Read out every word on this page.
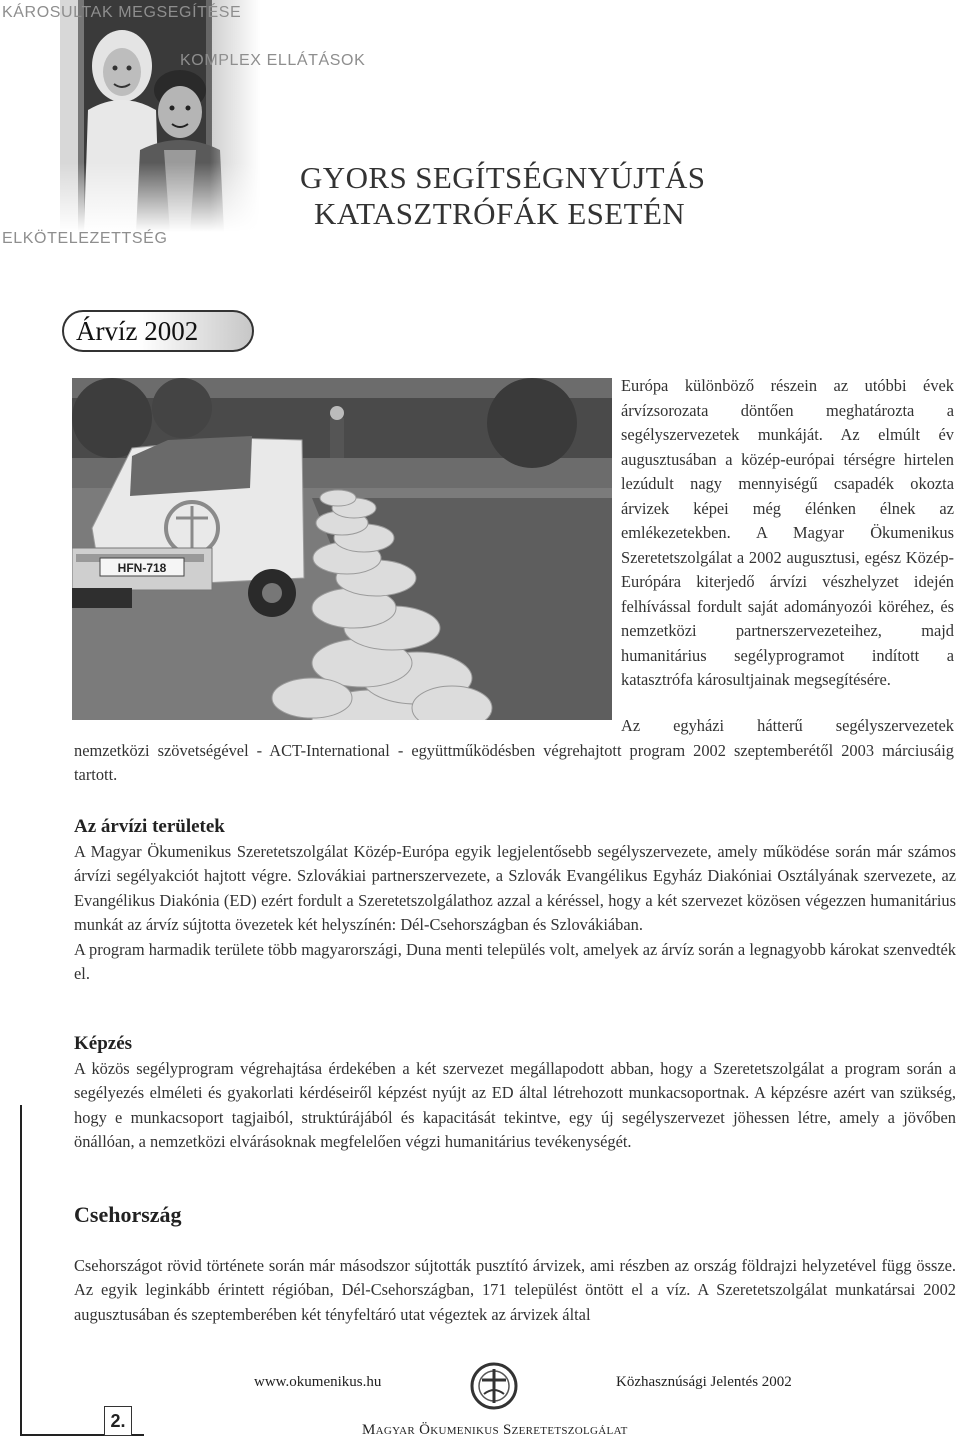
KÁROSULTAK MEGSEGÍTÉSE
KOMPLEX ELLÁTÁSOK
ELKÖTELEZETTSÉG
GYORS SEGÍTSÉGNYÚJTÁS
KATASZTRÓFÁK ESETÉN
Árvíz 2002
HFN-718
Európa különböző részein az utóbbi évek árvízsorozata döntően meghatározta a segélyszervezetek munkáját. Az elmúlt év augusztusában a közép-európai térségre hirtelen lezúdult nagy mennyiségű csapadék okozta árvizek képei még élénken élnek az emlékezetekben. A Magyar Ökumenikus Szeretetszolgálat a 2002 augusztusi, egész Közép-Európára kiterjedő árvízi vészhelyzet idején felhívással fordult saját adományozói köréhez, és nemzetközi partnerszervezeteihez, majd humanitárius segélyprogramot indított a katasztrófa károsultjainak megsegítésére.
Az egyházi hátterű segélyszervezetek
nemzetközi szövetségével - ACT-International - együttműködésben végrehajtott program 2002 szeptemberétől 2003 márciusáig tartott.
Az árvízi területek
A Magyar Ökumenikus Szeretetszolgálat Közép-Európa egyik legjelentősebb segélyszervezete, amely működése során már számos árvízi segélyakciót hajtott végre. Szlovákiai partnerszervezete, a Szlovák Evangélikus Egyház Diakóniai Osztályának szervezete, az Evangélikus Diakónia (ED) ezért fordult a Szeretetszolgálathoz azzal a kéréssel, hogy a két szervezet közösen végezzen humanitárius munkát az árvíz sújtotta övezetek két helyszínén: Dél-Csehországban és Szlovákiában.
A program harmadik területe több magyarországi, Duna menti település volt, amelyek az árvíz során a legnagyobb károkat szenvedték el.
Képzés
A közös segélyprogram végrehajtása érdekében a két szervezet megállapodott abban, hogy a Szeretetszolgálat a program során a segélyezés elméleti és gyakorlati kérdéseiről képzést nyújt az ED által létrehozott munkacsoportnak. A képzésre azért van szükség, hogy e munkacsoport tagjaiból, struktúrájából és kapacitását tekintve, egy új segélyszervezet jöhessen létre, amely a jövőben önállóan, a nemzetközi elvárásoknak megfelelően végzi humanitárius tevékenységét.
Csehország
Csehországot rövid története során már másodszor sújtották pusztító árvizek, ami részben az ország földrajzi helyzetével függ össze. Az egyik leginkább érintett régióban, Dél-Csehországban, 171 települést öntött el a víz. A Szeretetszolgálat munkatársai 2002 augusztusában és szeptemberében két tényfeltáró utat végeztek az árvizek által
2.
www.okumenikus.hu	Közhasznúsági Jelentés 2002
Magyar Ökumenikus Szeretetszolgálat
